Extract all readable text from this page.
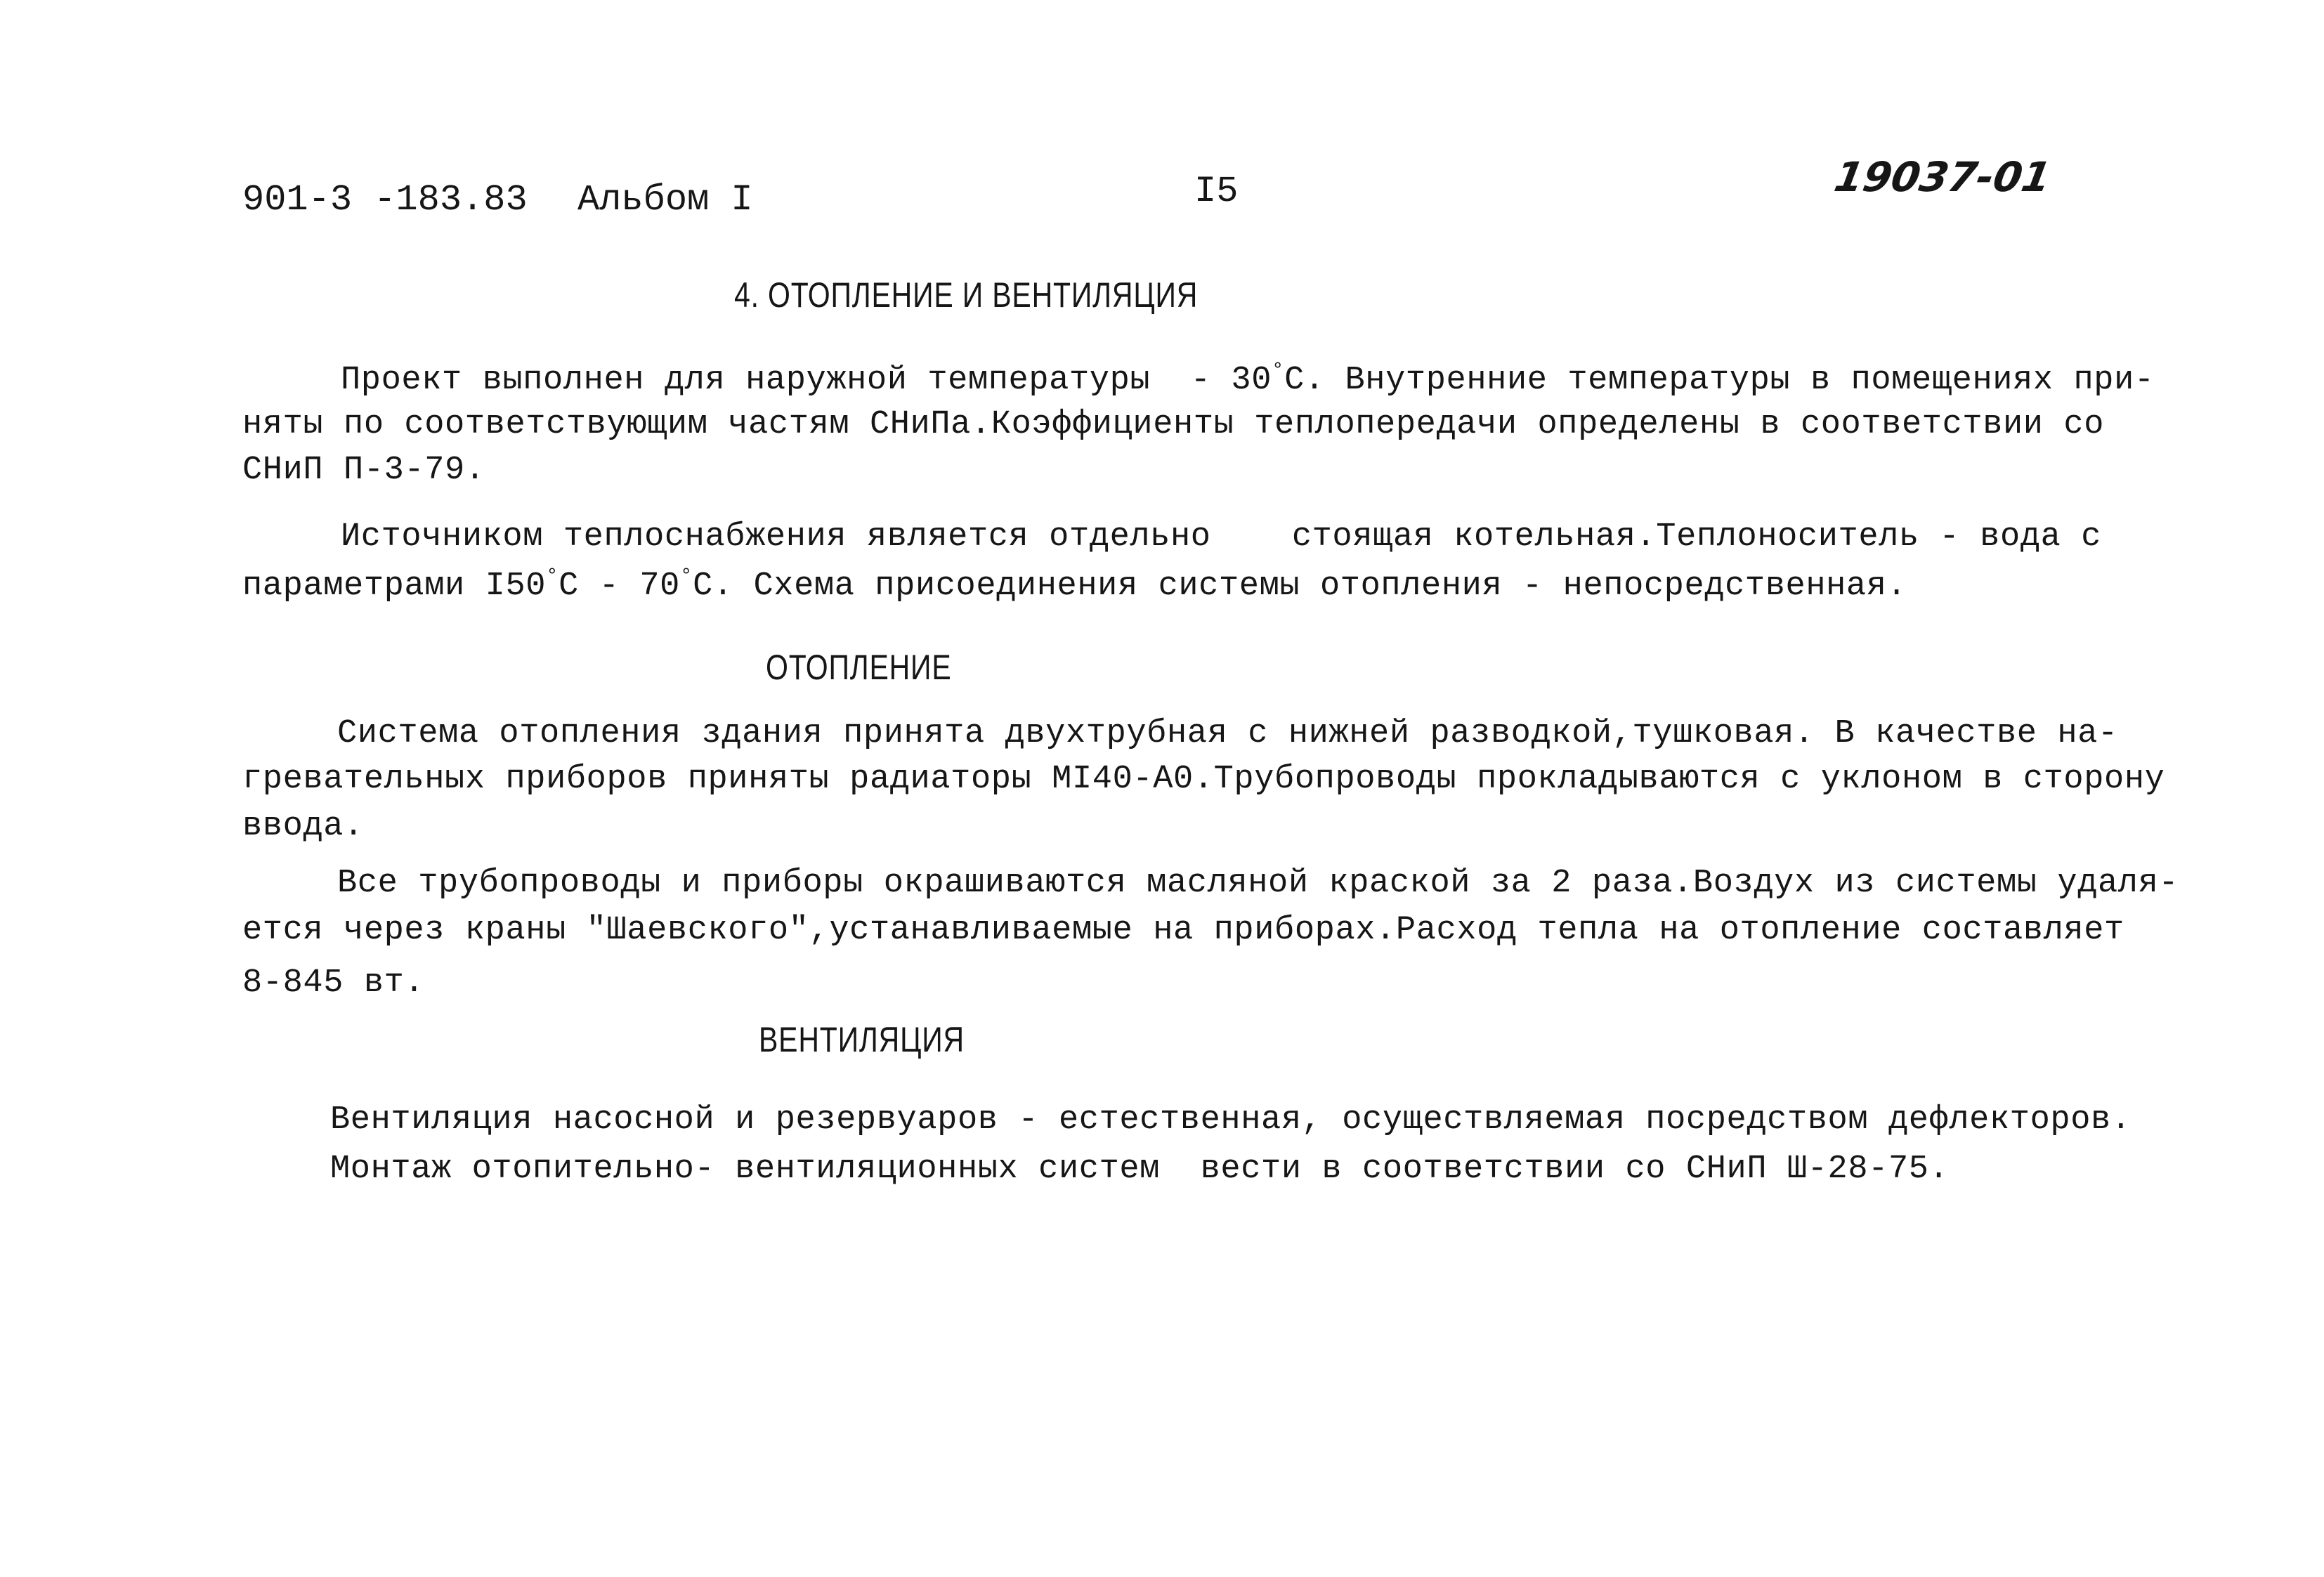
901-3 -183.83 Альбом I	I5	19037-01
4. ОТОПЛЕНИЕ И ВЕНТИЛЯЦИЯ
Проект выполнен для наружной температуры  - 30°С. Внутренние температуры в помещениях при-
няты по соответствующим частям СНиПа.Коэффициенты теплопередачи определены в соответствии со
СНиП П-3-79.
Источником теплоснабжения является отдельно    стоящая котельная.Теплоноситель - вода с
параметрами I50°С - 70°С. Схема присоединения системы отопления - непосредственная.
ОТОПЛЕНИЕ
Система отопления здания принята двухтрубная с нижней разводкой,тушковая. В качестве на-
гревательных приборов приняты радиаторы МI40-А0.Трубопроводы прокладываются с уклоном в сторону
ввода.
Все трубопроводы и приборы окрашиваются масляной краской за 2 раза.Воздух из системы удаля-
ется через краны "Шаевского",устанавливаемые на приборах.Расход тепла на отопление составляет
8-845 вт.
ВЕНТИЛЯЦИЯ
Вентиляция насосной и резервуаров - естественная, осуществляемая посредством дефлекторов.
Монтаж отопительно- вентиляционных систем  вести в соответствии со СНиП Ш-28-75.
